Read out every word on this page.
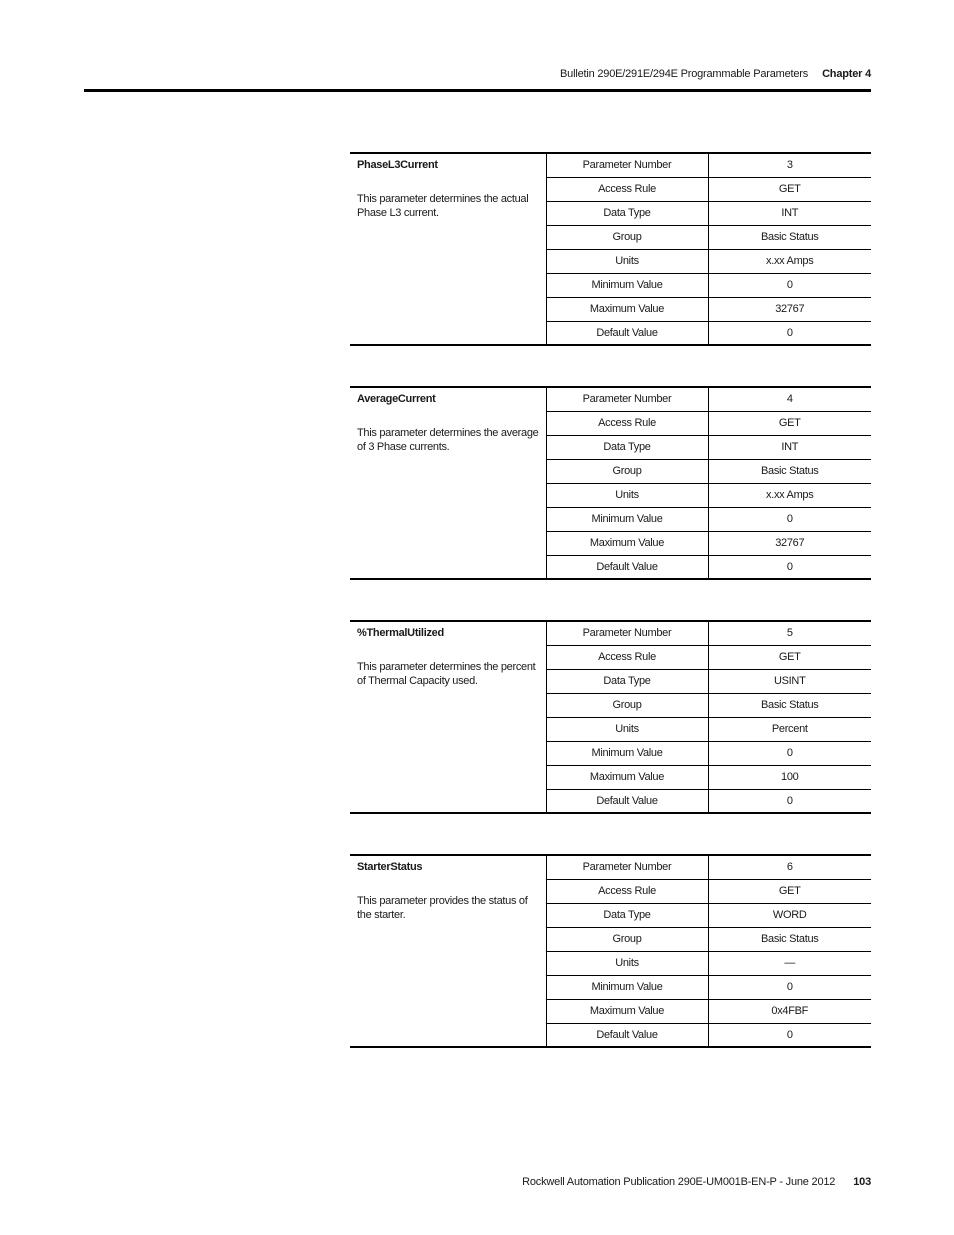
Bulletin 290E/291E/294E Programmable Parameters Chapter 4
PhaseL3Current
This parameter determines the actual Phase L3 current.	Parameter Number	3
	Access Rule	GET
	Data Type	INT
	Group	Basic Status
	Units	x.xx Amps
	Minimum Value	0
	Maximum Value	32767
	Default Value	0
AverageCurrent
This parameter determines the average of 3 Phase currents.	Parameter Number	4
	Access Rule	GET
	Data Type	INT
	Group	Basic Status
	Units	x.xx Amps
	Minimum Value	0
	Maximum Value	32767
	Default Value	0
%ThermalUtilized
This parameter determines the percent of Thermal Capacity used.	Parameter Number	5
	Access Rule	GET
	Data Type	USINT
	Group	Basic Status
	Units	Percent
	Minimum Value	0
	Maximum Value	100
	Default Value	0
StarterStatus
This parameter provides the status of the starter.	Parameter Number	6
	Access Rule	GET
	Data Type	WORD
	Group	Basic Status
	Units	—
	Minimum Value	0
	Maximum Value	0x4FBF
	Default Value	0
Rockwell Automation Publication 290E-UM001B-EN-P - June 2012 103
